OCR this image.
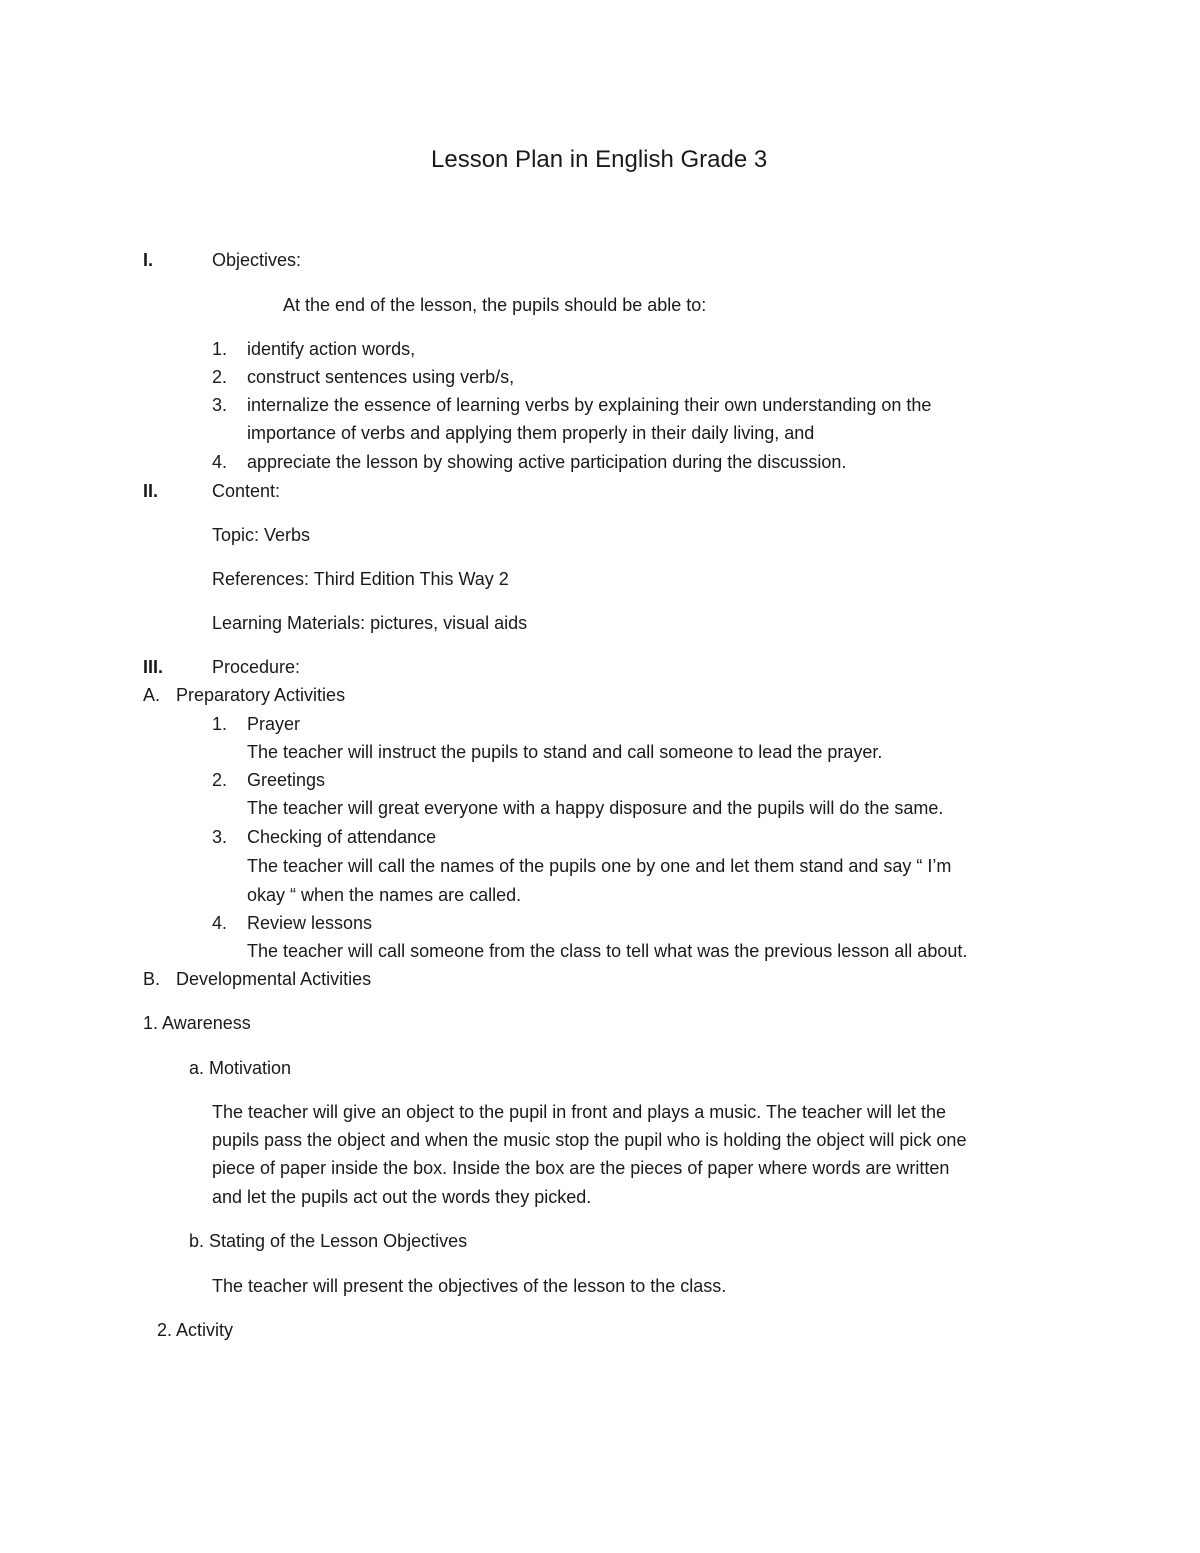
Lesson Plan in English Grade 3
I.	Objectives:
At the end of the lesson, the pupils should be able to:
1. identify action words,
2. construct sentences using verb/s,
3. internalize the essence of learning verbs by explaining their own understanding on the
importance of verbs and applying them properly in their daily living, and
4. appreciate the lesson by showing active participation during the discussion.
II.	Content:
Topic: Verbs
References: Third Edition This Way 2
Learning Materials: pictures, visual aids
III.	Procedure:
A. Preparatory Activities
1. Prayer
The teacher will instruct the pupils to stand and call someone to lead the prayer.
2. Greetings
The teacher will great everyone with a happy disposure and the pupils will do the same.
3. Checking of attendance
The teacher will call the names of the pupils one by one and let them stand and say “ I’m
okay “ when the names are called.
4. Review lessons
The teacher will call someone from the class to tell what was the previous lesson all about.
B. Developmental Activities
1. Awareness
a. Motivation
The teacher will give an object to the pupil in front and plays a music. The teacher will let the
pupils pass the object and when the music stop the pupil who is holding the object will pick one
piece of paper inside the box. Inside the box are the pieces of paper where words are written
and let the pupils act out the words they picked.
b. Stating of the Lesson Objectives
The teacher will present the objectives of the lesson to the class.
2. Activity
